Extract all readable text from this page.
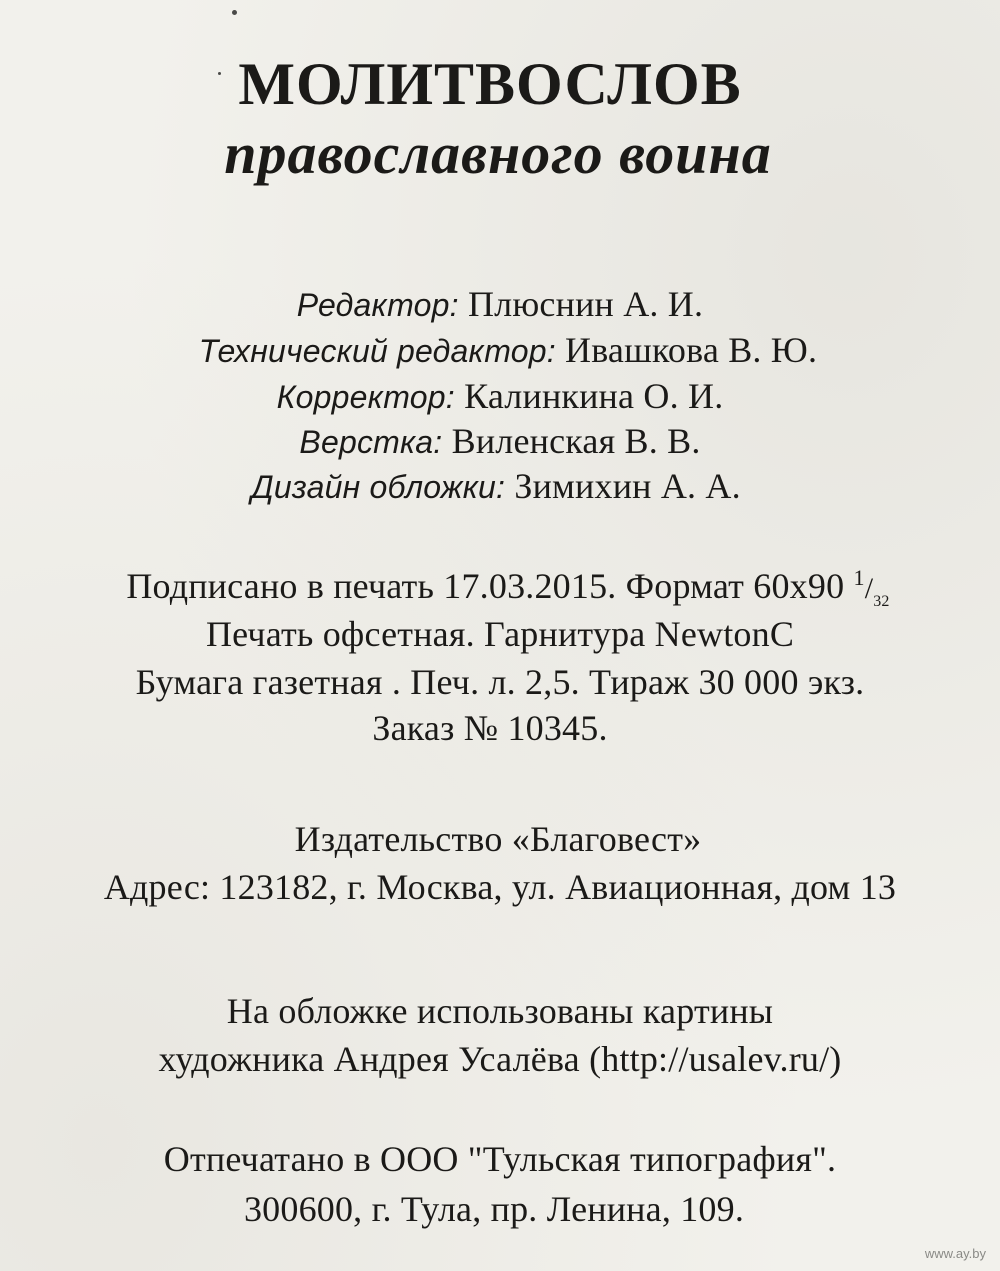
МОЛИТВОСЛОВ
православного воина
Редактор: Плюснин А. И.
Технический редактор: Ивашкова В. Ю.
Корректор: Калинкина О. И.
Верстка: Виленская В. В.
Дизайн обложки: Зимихин А. А.
Подписано в печать 17.03.2015. Формат 60x90 $^1/_{32}$
Печать офсетная. Гарнитура NewtonC
Бумага газетная . Печ. л. 2,5. Тираж 30 000 экз.
Заказ № 10345.
Издательство «Благовест»
Адрес: 123182, г. Москва, ул. Авиационная, дом 13
На обложке использованы картины
художника Андрея Усалёва (http://usalev.ru/)
Отпечатано в ООО "Тульская типография".
300600, г. Тула, пр. Ленина, 109.
www.ay.by
